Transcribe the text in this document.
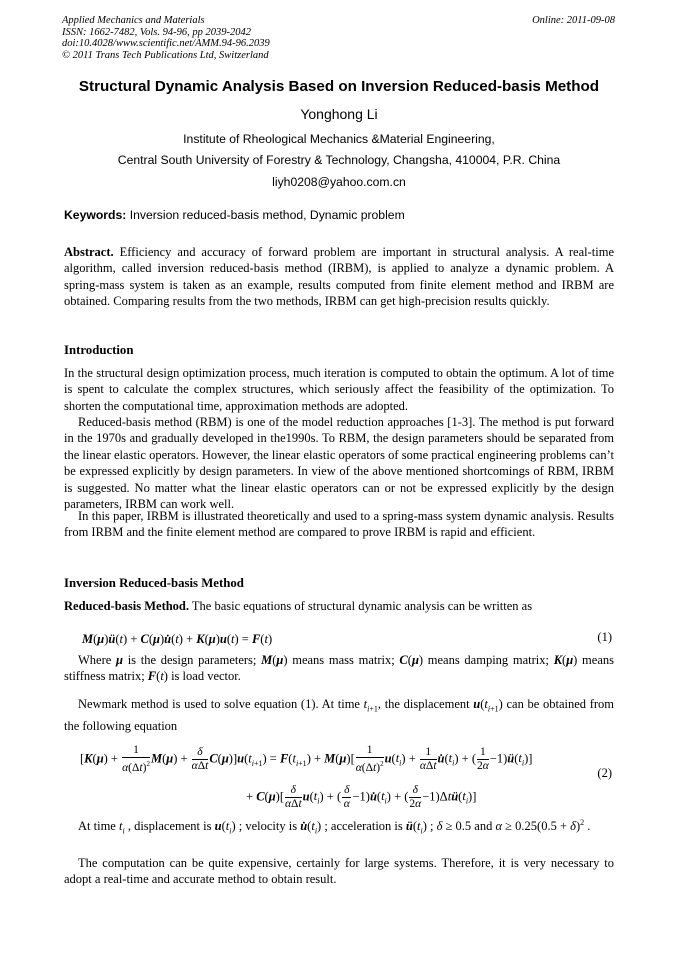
Applied Mechanics and Materials
ISSN: 1662-7482, Vols. 94-96, pp 2039-2042
doi:10.4028/www.scientific.net/AMM.94-96.2039
© 2011 Trans Tech Publications Ltd, Switzerland
Online: 2011-09-08
Structural Dynamic Analysis Based on Inversion Reduced-basis Method
Yonghong Li
Institute of Rheological Mechanics &Material Engineering,
Central South University of Forestry & Technology, Changsha, 410004, P.R. China
liyh0208@yahoo.com.cn
Keywords: Inversion reduced-basis method, Dynamic problem
Abstract. Efficiency and accuracy of forward problem are important in structural analysis. A real-time algorithm, called inversion reduced-basis method (IRBM), is applied to analyze a dynamic problem. A spring-mass system is taken as an example, results computed from finite element method and IRBM are obtained. Comparing results from the two methods, IRBM can get high-precision results quickly.
Introduction
In the structural design optimization process, much iteration is computed to obtain the optimum. A lot of time is spent to calculate the complex structures, which seriously affect the feasibility of the optimization. To shorten the computational time, approximation methods are adopted.
Reduced-basis method (RBM) is one of the model reduction approaches [1-3]. The method is put forward in the 1970s and gradually developed in the1990s. To RBM, the design parameters should be separated from the linear elastic operators. However, the linear elastic operators of some practical engineering problems can’t be expressed explicitly by design parameters. In view of the above mentioned shortcomings of RBM, IRBM is suggested. No matter what the linear elastic operators can or not be expressed explicitly by the design parameters, IRBM can work well.
In this paper, IRBM is illustrated theoretically and used to a spring-mass system dynamic analysis. Results from IRBM and the finite element method are compared to prove IRBM is rapid and efficient.
Inversion Reduced-basis Method
Reduced-basis Method. The basic equations of structural dynamic analysis can be written as
M(μ)ü(t) + C(μ)u̇(t) + K(μ)u(t) = F(t)	(1)
Where μ is the design parameters; M(μ) means mass matrix; C(μ) means damping matrix; K(μ) means stiffness matrix; F(t) is load vector.
Newmark method is used to solve equation (1). At time $t_{i+1}$, the displacement $u(t_{i+1})$ can be obtained from the following equation
$[K(\mu) + \frac{1}{\alpha(\Delta t)^2} M(\mu) + \frac{\delta}{\text{αΔt}} C(\mu)]u(t_{i+1}) = F(t_{i+1}) + M(\mu)[ \frac{1}{\alpha(\Delta t)^2} u(t_i) + \frac{1}{\text{αΔt}}$ $u̇(t_i)$ + ( $\frac{1}{2\alpha}$ $-1)ü(t_i)$]
(2)
+ $C(\mu)[ \frac{\delta}{\text{αΔt}} u(t_i)$ + ( $\frac{\delta}{\alpha}$ $-1)u̇(t_i)$ + ( $\frac{\delta}{2\alpha}$ $-1)\Delta tü(t_i)$]
At time $t_i$ , displacement is $u(t_i)$ ; velocity is $u̇(t_i)$ ; acceleration is $ü(t_i)$ ; δ ≥ 0.5 and $\alpha \ge 0.25(0.5 + \delta)^2$ .
The computation can be quite expensive, certainly for large systems. Therefore, it is very necessary to adopt a real-time and accurate method to obtain result.
